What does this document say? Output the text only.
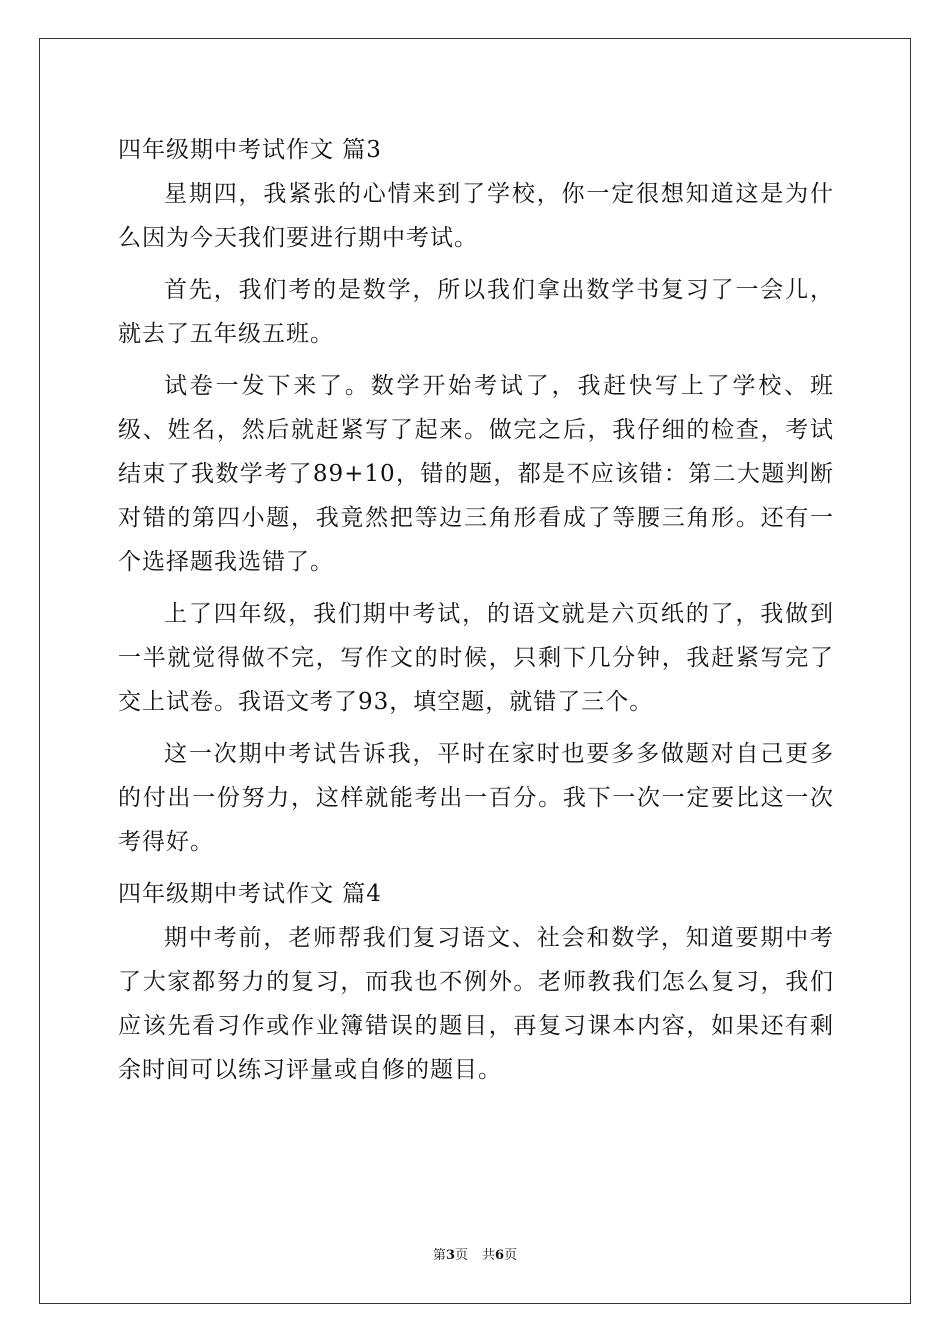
四年级期中考试作文 篇3

星期四，我紧张的心情来到了学校，你一定很想知道这是为什么因为今天我们要进行期中考试。

首先，我们考的是数学，所以我们拿出数学书复习了一会儿，就去了五年级五班。

试卷一发下来了。数学开始考试了，我赶快写上了学校、班级、姓名，然后就赶紧写了起来。做完之后，我仔细的检查，考试结束了我数学考了89+10，错的题，都是不应该错：第二大题判断对错的第四小题，我竟然把等边三角形看成了等腰三角形。还有一个选择题我选错了。

上了四年级，我们期中考试，的语文就是六页纸的了，我做到一半就觉得做不完，写作文的时候，只剩下几分钟，我赶紧写完了交上试卷。我语文考了93，填空题，就错了三个。

这一次期中考试告诉我，平时在家时也要多多做题对自己更多的付出一份努力，这样就能考出一百分。我下一次一定要比这一次考得好。

四年级期中考试作文 篇4

期中考前，老师帮我们复习语文、社会和数学，知道要期中考了大家都努力的复习，而我也不例外。老师教我们怎么复习，我们应该先看习作或作业簿错误的题目，再复习课本内容，如果还有剩余时间可以练习评量或自修的题目。

第3页 共6页
